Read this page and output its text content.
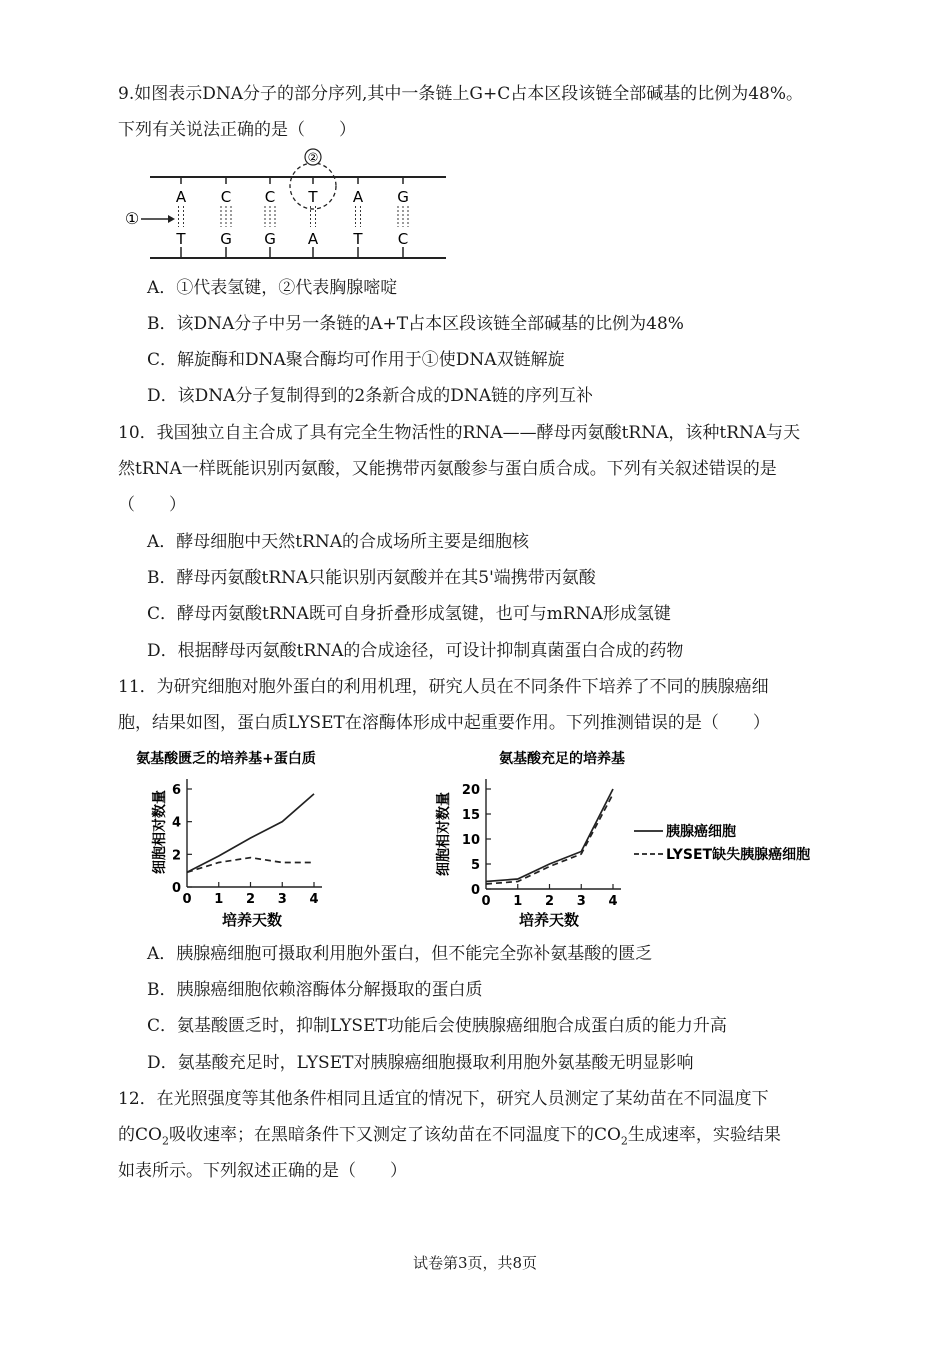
9.如图表示DNA分子的部分序列,其中一条链上G+C占本区段该链全部碱基的比例为48%。
下列有关说法正确的是（　　）
A
T
C
G
C
G
T
A
A
T
G
C
②
①
A．①代表氢键，②代表胸腺嘧啶
B．该DNA分子中另一条链的A+T占本区段该链全部碱基的比例为48%
C．解旋酶和DNA聚合酶均可作用于①使DNA双链解旋
D．该DNA分子复制得到的2条新合成的DNA链的序列互补
10．我国独立自主合成了具有完全生物活性的RNA——酵母丙氨酸tRNA，该种tRNA与天
然tRNA一样既能识别丙氨酸，又能携带丙氨酸参与蛋白质合成。下列有关叙述错误的是
（　　）
A．酵母细胞中天然tRNA的合成场所主要是细胞核
B．酵母丙氨酸tRNA只能识别丙氨酸并在其5'端携带丙氨酸
C．酵母丙氨酸tRNA既可自身折叠形成氢键，也可与mRNA形成氢键
D．根据酵母丙氨酸tRNA的合成途径，可设计抑制真菌蛋白合成的药物
11．为研究细胞对胞外蛋白的利用机理，研究人员在不同条件下培养了不同的胰腺癌细
胞，结果如图，蛋白质LYSET在溶酶体形成中起重要作用。下列推测错误的是（　　）
氨基酸匮乏的培养基+蛋白质	氨基酸充足的培养基
细胞相对数量	细胞相对数量
培养天数	培养天数
0
2
4
6
0 1 2 3 4
0
5
10
15
20
0 1 2 3 4
胰腺癌细胞
LYSET缺失胰腺癌细胞
A．胰腺癌细胞可摄取利用胞外蛋白，但不能完全弥补氨基酸的匮乏
B．胰腺癌细胞依赖溶酶体分解摄取的蛋白质
C．氨基酸匮乏时，抑制LYSET功能后会使胰腺癌细胞合成蛋白质的能力升高
D．氨基酸充足时，LYSET对胰腺癌细胞摄取利用胞外氨基酸无明显影响
12．在光照强度等其他条件相同且适宜的情况下，研究人员测定了某幼苗在不同温度下
的$CO_2$吸收速率；在黑暗条件下又测定了该幼苗在不同温度下的$CO_2$生成速率，实验结果
如表所示。下列叙述正确的是（　　）
试卷第3页，共8页
